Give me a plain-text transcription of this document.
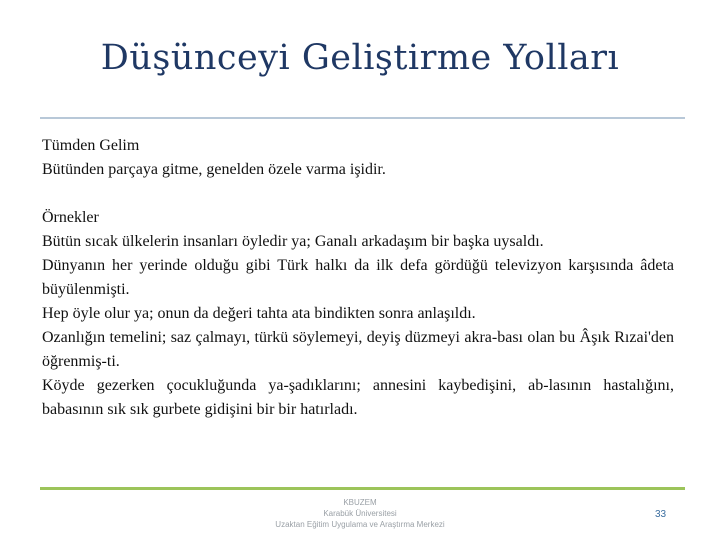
Düşünceyi Geliştirme Yolları

Tümden Gelim

Bütünden parçaya gitme, genelden özele varma işidir.

Örnekler

Bütün sıcak ülkelerin insanları öyledir ya; Ganalı arkadaşım bir başka uysaldı.

Dünyanın her yerinde olduğu gibi Türk halkı da ilk defa gördüğü televizyon karşısında âdeta büyülenmişti.

Hep öyle olur ya; onun da değeri tahta ata bindikten sonra anlaşıldı.

Ozanlığın temelini; saz çalmayı, türkü söylemeyi, deyiş düzmeyi akra-bası olan bu Âşık Rızai'den öğrenmiş-ti.

Köyde gezerken çocukluğunda ya-şadıklarını; annesini kaybedişini, ab-lasının hastalığını, babasının sık sık gurbete gidişini bir bir hatırladı.

KBUZEM
Karabük Üniversitesi
Uzaktan Eğitim Uygulama ve Araştırma Merkezi
33
